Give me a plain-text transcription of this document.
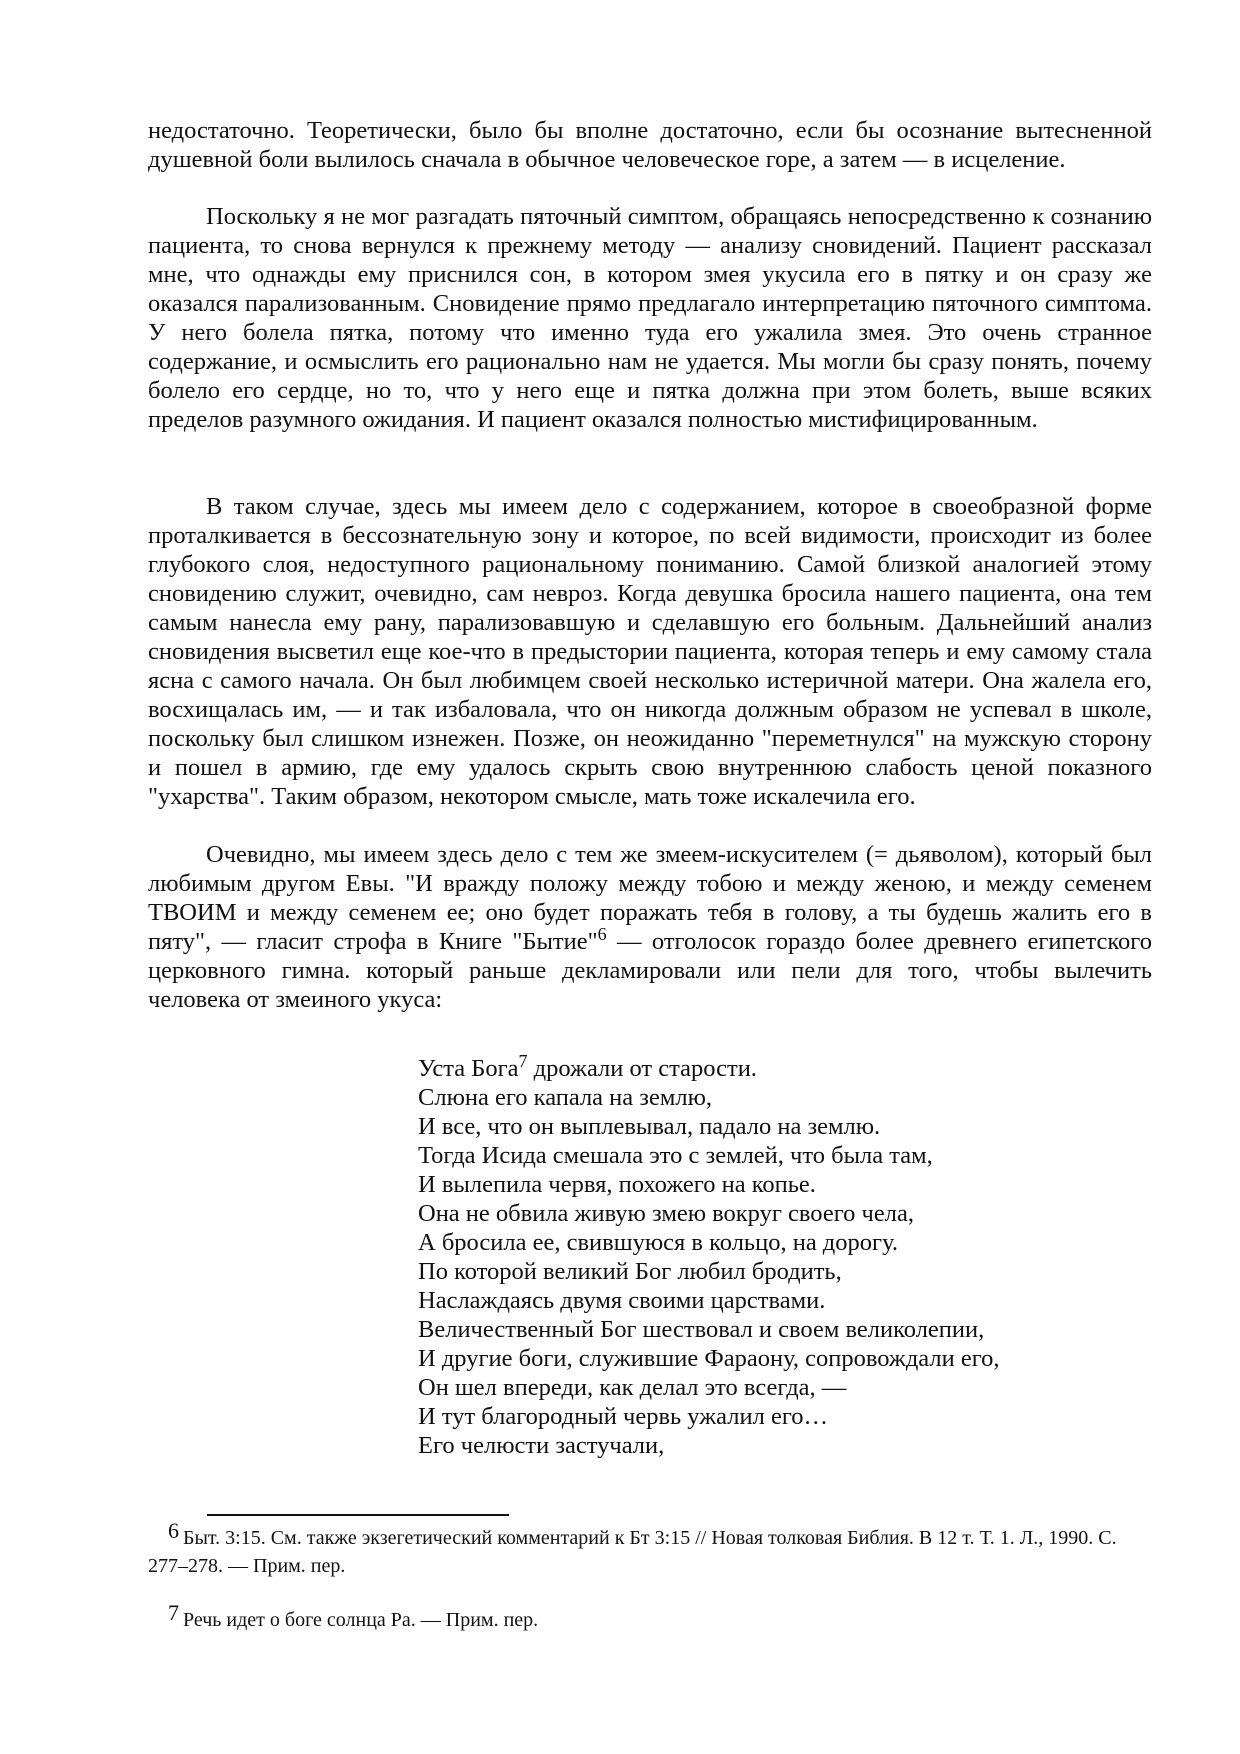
недостаточно. Теоретически, было бы вполне достаточно, если бы осознание вытесненной душевной боли вылилось сначала в обычное человеческое горе, а затем — в исцеление.

Поскольку я не мог разгадать пяточный симптом, обращаясь непосредственно к сознанию пациента, то снова вернулся к прежнему методу — анализу сновидений. Пациент рассказал мне, что однажды ему приснился сон, в котором змея укусила его в пятку и он сразу же оказался парализованным. Сновидение прямо предлагало интерпретацию пяточного симптома. У него болела пятка, потому что именно туда его ужалила змея. Это очень странное содержание, и осмыслить его рационально нам не удается. Мы могли бы сразу понять, почему болело его сердце, но то, что у него еще и пятка должна при этом болеть, выше всяких пределов разумного ожидания. И пациент оказался полностью мистифицированным.

В таком случае, здесь мы имеем дело с содержанием, которое в своеобразной форме проталкивается в бессознательную зону и которое, по всей видимости, происходит из более глубокого слоя, недоступного рациональному пониманию. Самой близкой аналогией этому сновидению служит, очевидно, сам невроз. Когда девушка бросила нашего пациента, она тем самым нанесла ему рану, парализовавшую и сделавшую его больным. Дальнейший анализ сновидения высветил еще кое-что в предыстории пациента, которая теперь и ему самому стала ясна с самого начала. Он был любимцем своей несколько истеричной матери. Она жалела его, восхищалась им, — и так избаловала, что он никогда должным образом не успевал в школе, поскольку был слишком изнежен. Позже, он неожиданно "переметнулся" на мужскую сторону и пошел в армию, где ему удалось скрыть свою внутреннюю слабость ценой показного "ухарства". Таким образом, некотором смысле, мать тоже искалечила его.

Очевидно, мы имеем здесь дело с тем же змеем-искусителем (= дьяволом), который был любимым другом Евы. "И вражду положу между тобою и между женою, и между семенем ТВОИМ и между семенем ее; оно будет поражать тебя в голову, а ты будешь жалить его в пяту", — гласит строфа в Книге "Бытие"$^6$ — отголосок гораздо более древнего египетского церковного гимна. который раньше декламировали или пели для того, чтобы вылечить человека от змеиного укуса:

Уста Бога$^7$ дрожали от старости.
Слюна его капала на землю,
И все, что он выплевывал, падало на землю.
Тогда Исида смешала это с землей, что была там,
И вылепила червя, похожего на копье.
Она не обвила живую змею вокруг своего чела,
А бросила ее, свившуюся в кольцо, на дорогу.
По которой великий Бог любил бродить,
Наслаждаясь двумя своими царствами.
Величественный Бог шествовал и своем великолепии,
И другие боги, служившие Фараону, сопровождали его,
Он шел впереди, как делал это всегда, —
И тут благородный червь ужалил его…
Его челюсти застучали,

$^6$ Быт. 3:15. См. также экзегетический комментарий к Бт 3:15 // Новая толковая Библия. В 12 т. Т. 1. Л., 1990. С. 277–278. — Прим. пер.

$^7$ Речь идет о боге солнца Ра. — Прим. пер.
